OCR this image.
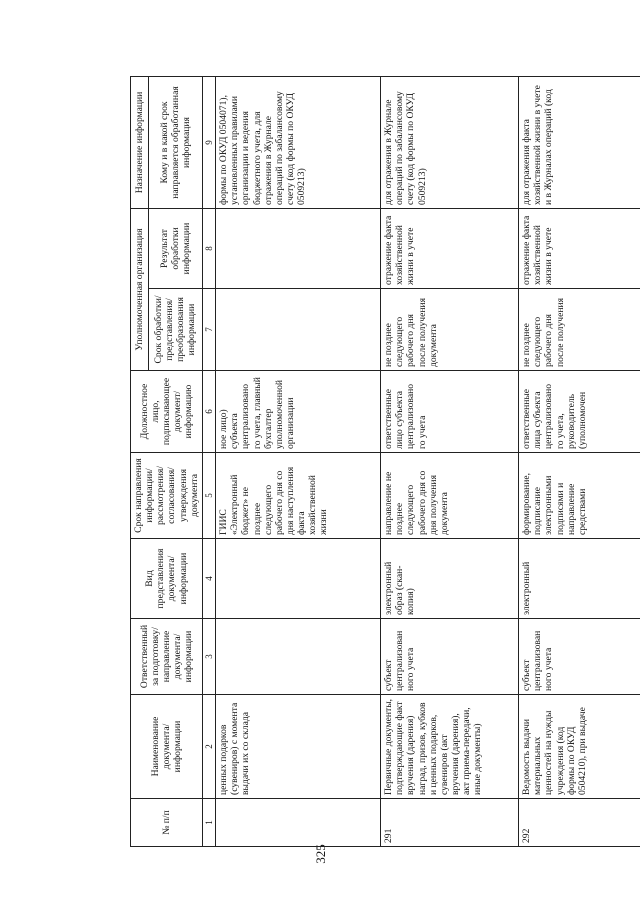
325
№ п/п	Наименование документа/ информации	Ответственный за подготовку/ направление документа/ информации	Вид представления документа/ информации	Срок направления информации/ рассмотрения/ согласования/ утверждения документа	Должностное лицо, подписывающее документ/ информацию	Уполномоченная организация		Назначение информации
						Срок обработки/ представления/ преобразования информации	Результат обработки информации	Кому и в какой срок направляется обработанная информация
1	2	3	4	5	6	7	8	9
	ценных подарков (сувениров) с момента выдачи их со склада			ГИИС «Электронный бюджет» не позднее следующего рабочего дня со дня наступления факта хозяйственной жизни	ное лицо) субъекта централизовано го учета, главный бухгалтер уполномоченной организации			формы по ОКУД 0504071), установленных правилами организации и ведения бюджетного учета, для отражения в Журнале операций по забалансовому счету (код формы по ОКУД 0509213)
291	Первичные документы, подтверждающие факт вручения (дарения) наград, призов, кубков и ценных подарков, сувениров (акт вручения (дарения), акт приема-передачи, иные документы)	субъект централизован ного учета	электронный образ (скан-копия)	направление не позднее следующего рабочего дня со дня получения документа	ответственные лицо субъекта централизовано го учета	не позднее следующего рабочего дня после получения документа	отражение факта хозяйственной жизни в учете	для отражения в Журнале операций по забалансовому счету (код формы по ОКУД 0509213)
292	Ведомость выдачи материальных ценностей на нужды учреждения (код формы по ОКУД 0504210), при выдаче	субъект централизован ного учета	электронный	формирование, подписание электронными подписями и направление средствами	ответственные лица субъекта централизовано го учета, руководитель (уполномочен	не позднее следующего рабочего дня после получения	отражение факта хозяйственной жизни в учете	для отражения факта хозяйственной жизни в учете и в Журналах операций (код
